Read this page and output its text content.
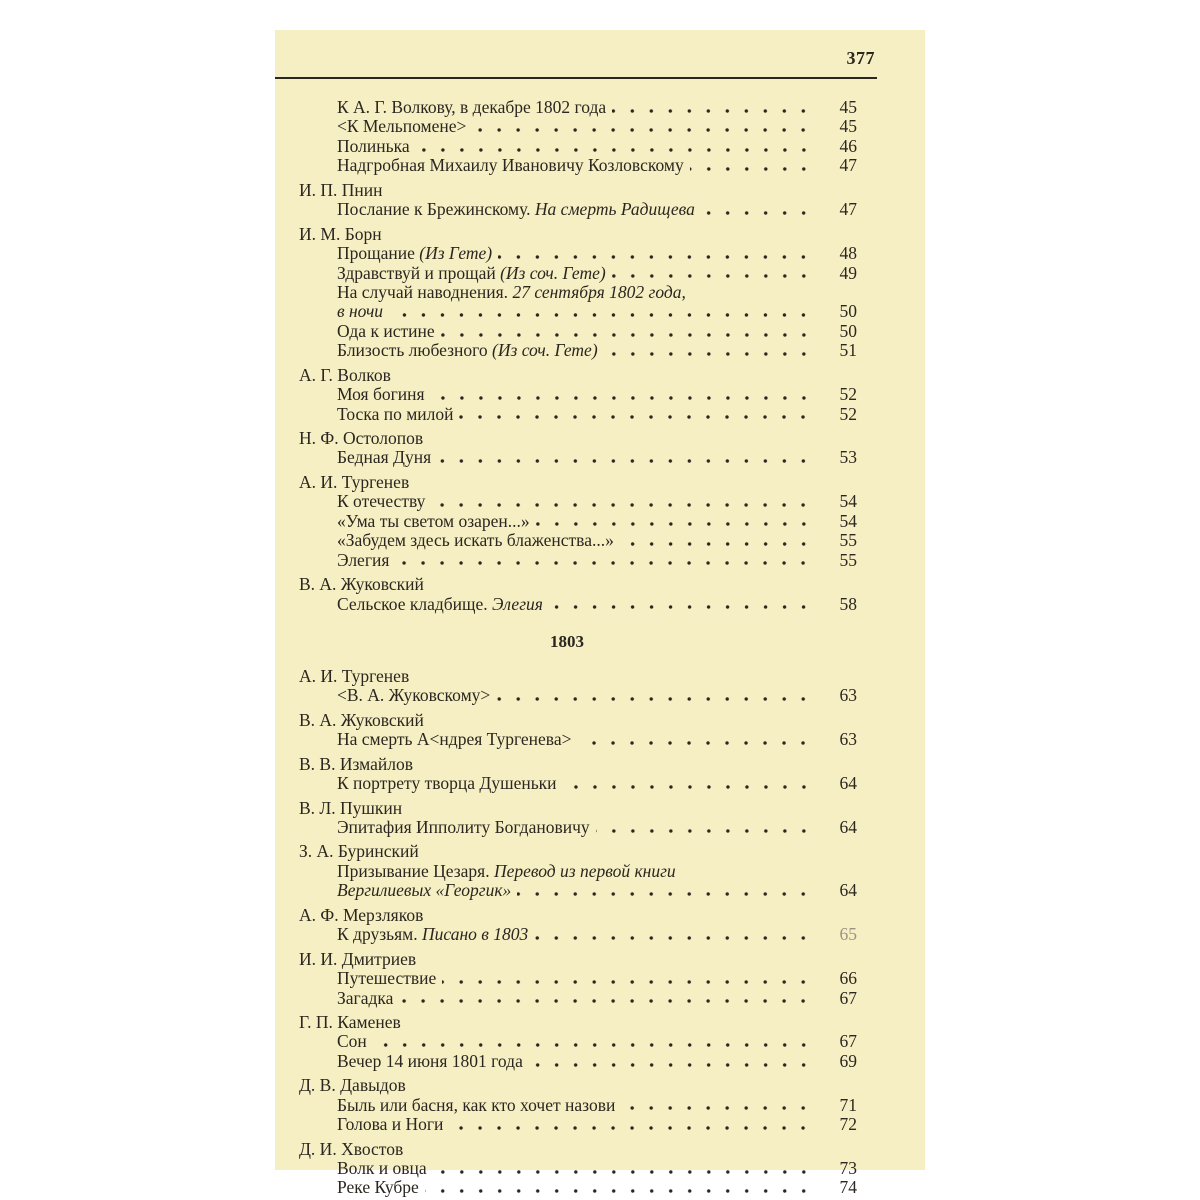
377
К А. Г. Волкову, в декабре 1802 года	45
<К Мельпомене>	45
Полинька	46
Надгробная Михаилу Ивановичу Козловскому	47
И. П. Пнин
Послание к Брежинскому. На смерть Радищева	47
И. М. Борн
Прощание (Из Гете)	48
Здравствуй и прощай (Из соч. Гете)	49
На случай наводнения. 27 сентября 1802 года,
в ночи	50
Ода к истине	50
Близость любезного (Из соч. Гете)	51
А. Г. Волков
Моя богиня	52
Тоска по милой	52
Н. Ф. Остолопов
Бедная Дуня	53
А. И. Тургенев
К отечеству	54
«Ума ты светом озарен...»	54
«Забудем здесь искать блаженства...»	55
Элегия	55
В. А. Жуковский
Сельское кладбище. Элегия	58
1803
А. И. Тургенев
<В. А. Жуковскому>	63
В. А. Жуковский
На смерть А<ндрея Тургенева>	63
В. В. Измайлов
К портрету творца Душеньки	64
В. Л. Пушкин
Эпитафия Ипполиту Богдановичу	64
З. А. Буринский
Призывание Цезаря. Перевод из первой книги
Вергилиевых «Георгик»	64
А. Ф. Мерзляков
К друзьям. Писано в 1803	65
И. И. Дмитриев
Путешествие	66
Загадка	67
Г. П. Каменев
Сон	67
Вечер 14 июня 1801 года	69
Д. В. Давыдов
Быль или басня, как кто хочет назови	71
Голова и Ноги	72
Д. И. Хвостов
Волк и овца	73
Реке Кубре	74
